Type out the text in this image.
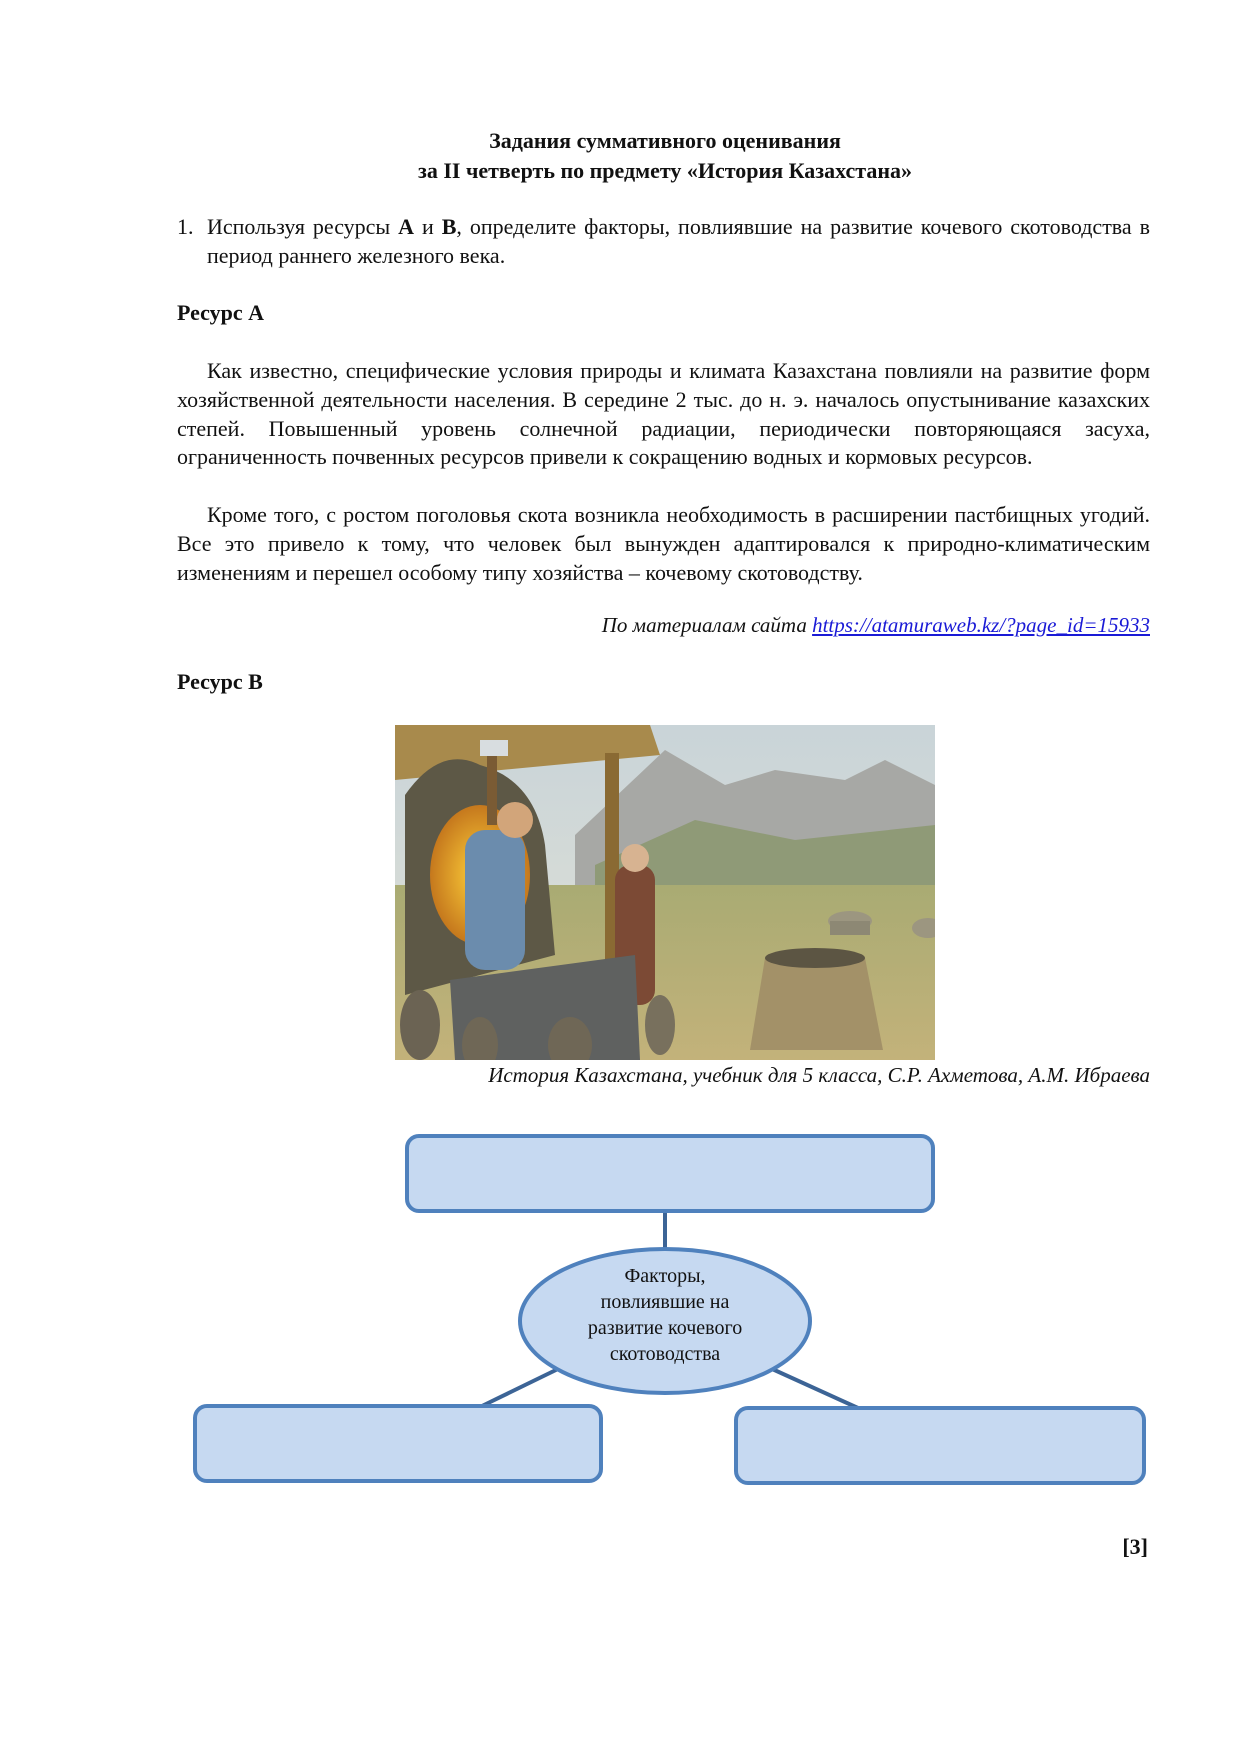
Задания суммативного оценивания
за II четверть по предмету «История Казахстана»
1. Используя ресурсы А и В, определите факторы, повлиявшие на развитие кочевого скотоводства в период раннего железного века.
Ресурс А

Как известно, специфические условия природы и климата Казахстана повлияли на развитие форм хозяйственной деятельности населения. В середине 2 тыс. до н. э. началось опустынивание казахских степей. Повышенный уровень солнечной радиации, периодически повторяющаяся засуха, ограниченность почвенных ресурсов привели к сокращению водных и кормовых ресурсов.

Кроме того, с ростом поголовья скота возникла необходимость в расширении пастбищных угодий. Все это привело к тому, что человек был вынужден адаптировался к природно-климатическим изменениям и перешел особому типу хозяйства – кочевому скотоводству.

По материалам сайта https://atamuraweb.kz/?page_id=15933
Ресурс В
История Казахстана, учебник для 5 класса, С.Р. Ахметова, А.М. Ибраева
Факторы,
повлиявшие на
развитие кочевого
скотоводства
[3]
